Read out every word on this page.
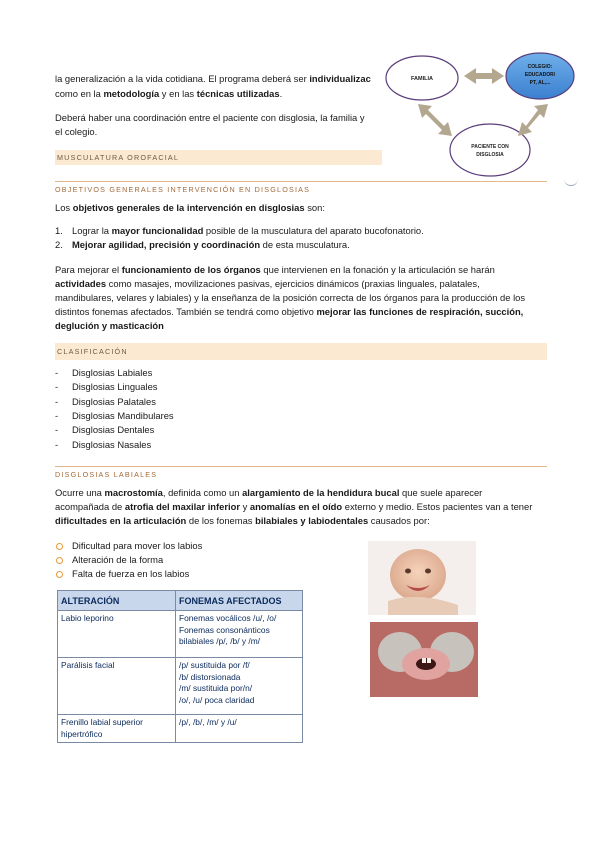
la generalización a la vida cotidiana. El programa deberá ser individualizac
como en la metodología y en las técnicas utilizadas.
Deberá haber una coordinación entre el paciente con disglosia, la familia y
el colegio.
FAMILIA
COLEGIO:
EDUCADOR/
PT, AL,...
PACIENTE CON
DISGLOSIA
MUSCULATURA OROFACIAL
OBJETIVOS GENERALES INTERVENCIÓN EN DISGLOSIAS
Los objetivos generales de la intervención en disglosias son:
1. Lograr la mayor funcionalidad posible de la musculatura del aparato bucofonatorio.
2. Mejorar agilidad, precisión y coordinación de esta musculatura.
Para mejorar el funcionamiento de los órganos que intervienen en la fonación y la articulación se harán
actividades como masajes, movilizaciones pasivas, ejercicios dinámicos (praxias linguales, palatales,
mandibulares, velares y labiales) y la enseñanza de la posición correcta de los órganos para la producción de los
distintos fonemas afectados. También se tendrá como objetivo mejorar las funciones de respiración, succión,
deglución y masticación
CLASIFICACIÓN
- Disglosias Labiales
- Disglosias Linguales
- Disglosias Palatales
- Disglosias Mandibulares
- Disglosias Dentales
- Disglosias Nasales
DISGLOSIAS LABIALES
Ocurre una macrostomía, definida como un alargamiento de la hendidura bucal que suele aparecer
acompañada de atrofia del maxilar inferior y anomalías en el oído externo y medio. Estos pacientes van a tener
dificultades en la articulación de los fonemas bilabiales y labiodentales causados por:
Dificultad para mover los labios
Alteración de la forma
Falta de fuerza en los labios
ALTERACIÓN	FONEMAS AFECTADOS
Labio leporino	Fonemas vocálicos /u/, /o/
Fonemas consonánticos
bilabiales /p/, /b/ y /m/

Parálisis facial	/p/ sustituida por /f/
/b/ distorsionada
/m/ sustituida por/n/
/o/, /u/ poca claridad

Frenillo labial superior
hipertrófico	/p/, /b/, /m/ y /u/
